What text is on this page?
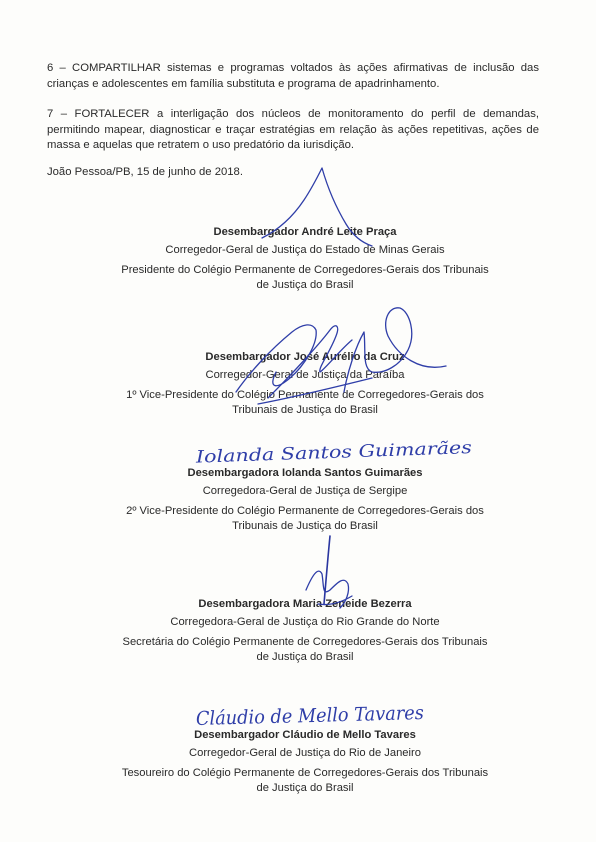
6 – COMPARTILHAR sistemas e programas voltados às ações afirmativas de inclusão das crianças e adolescentes em família substituta e programa de apadrinhamento.

7 – FORTALECER a interligação dos núcleos de monitoramento do perfil de demandas, permitindo mapear, diagnosticar e traçar estratégias em relação às ações repetitivas, ações de massa e aquelas que retratem o uso predatório da iurisdição.

João Pessoa/PB, 15 de junho de 2018.

Desembargador André Leite Praça

Corregedor-Geral de Justiça do Estado de Minas Gerais

Presidente do Colégio Permanente de Corregedores-Gerais dos Tribunais de Justiça do Brasil

Desembargador José Aurélio da Cruz

Corregedor-Geral de Justiça da Paraíba

1º Vice-Presidente do Colégio Permanente de Corregedores-Gerais dos Tribunais de Justiça do Brasil

Desembargadora Iolanda Santos Guimarães

Corregedora-Geral de Justiça de Sergipe

2º Vice-Presidente do Colégio Permanente de Corregedores-Gerais dos Tribunais de Justiça do Brasil

Desembargadora Maria Zeneide Bezerra

Corregedora-Geral de Justiça do Rio Grande do Norte

Secretária do Colégio Permanente de Corregedores-Gerais dos Tribunais de Justiça do Brasil

Desembargador Cláudio de Mello Tavares

Corregedor-Geral de Justiça do Rio de Janeiro

Tesoureiro do Colégio Permanente de Corregedores-Gerais dos Tribunais de Justiça do Brasil

Iolanda Santos Guimarães
Cláudio de Mello Tavares
